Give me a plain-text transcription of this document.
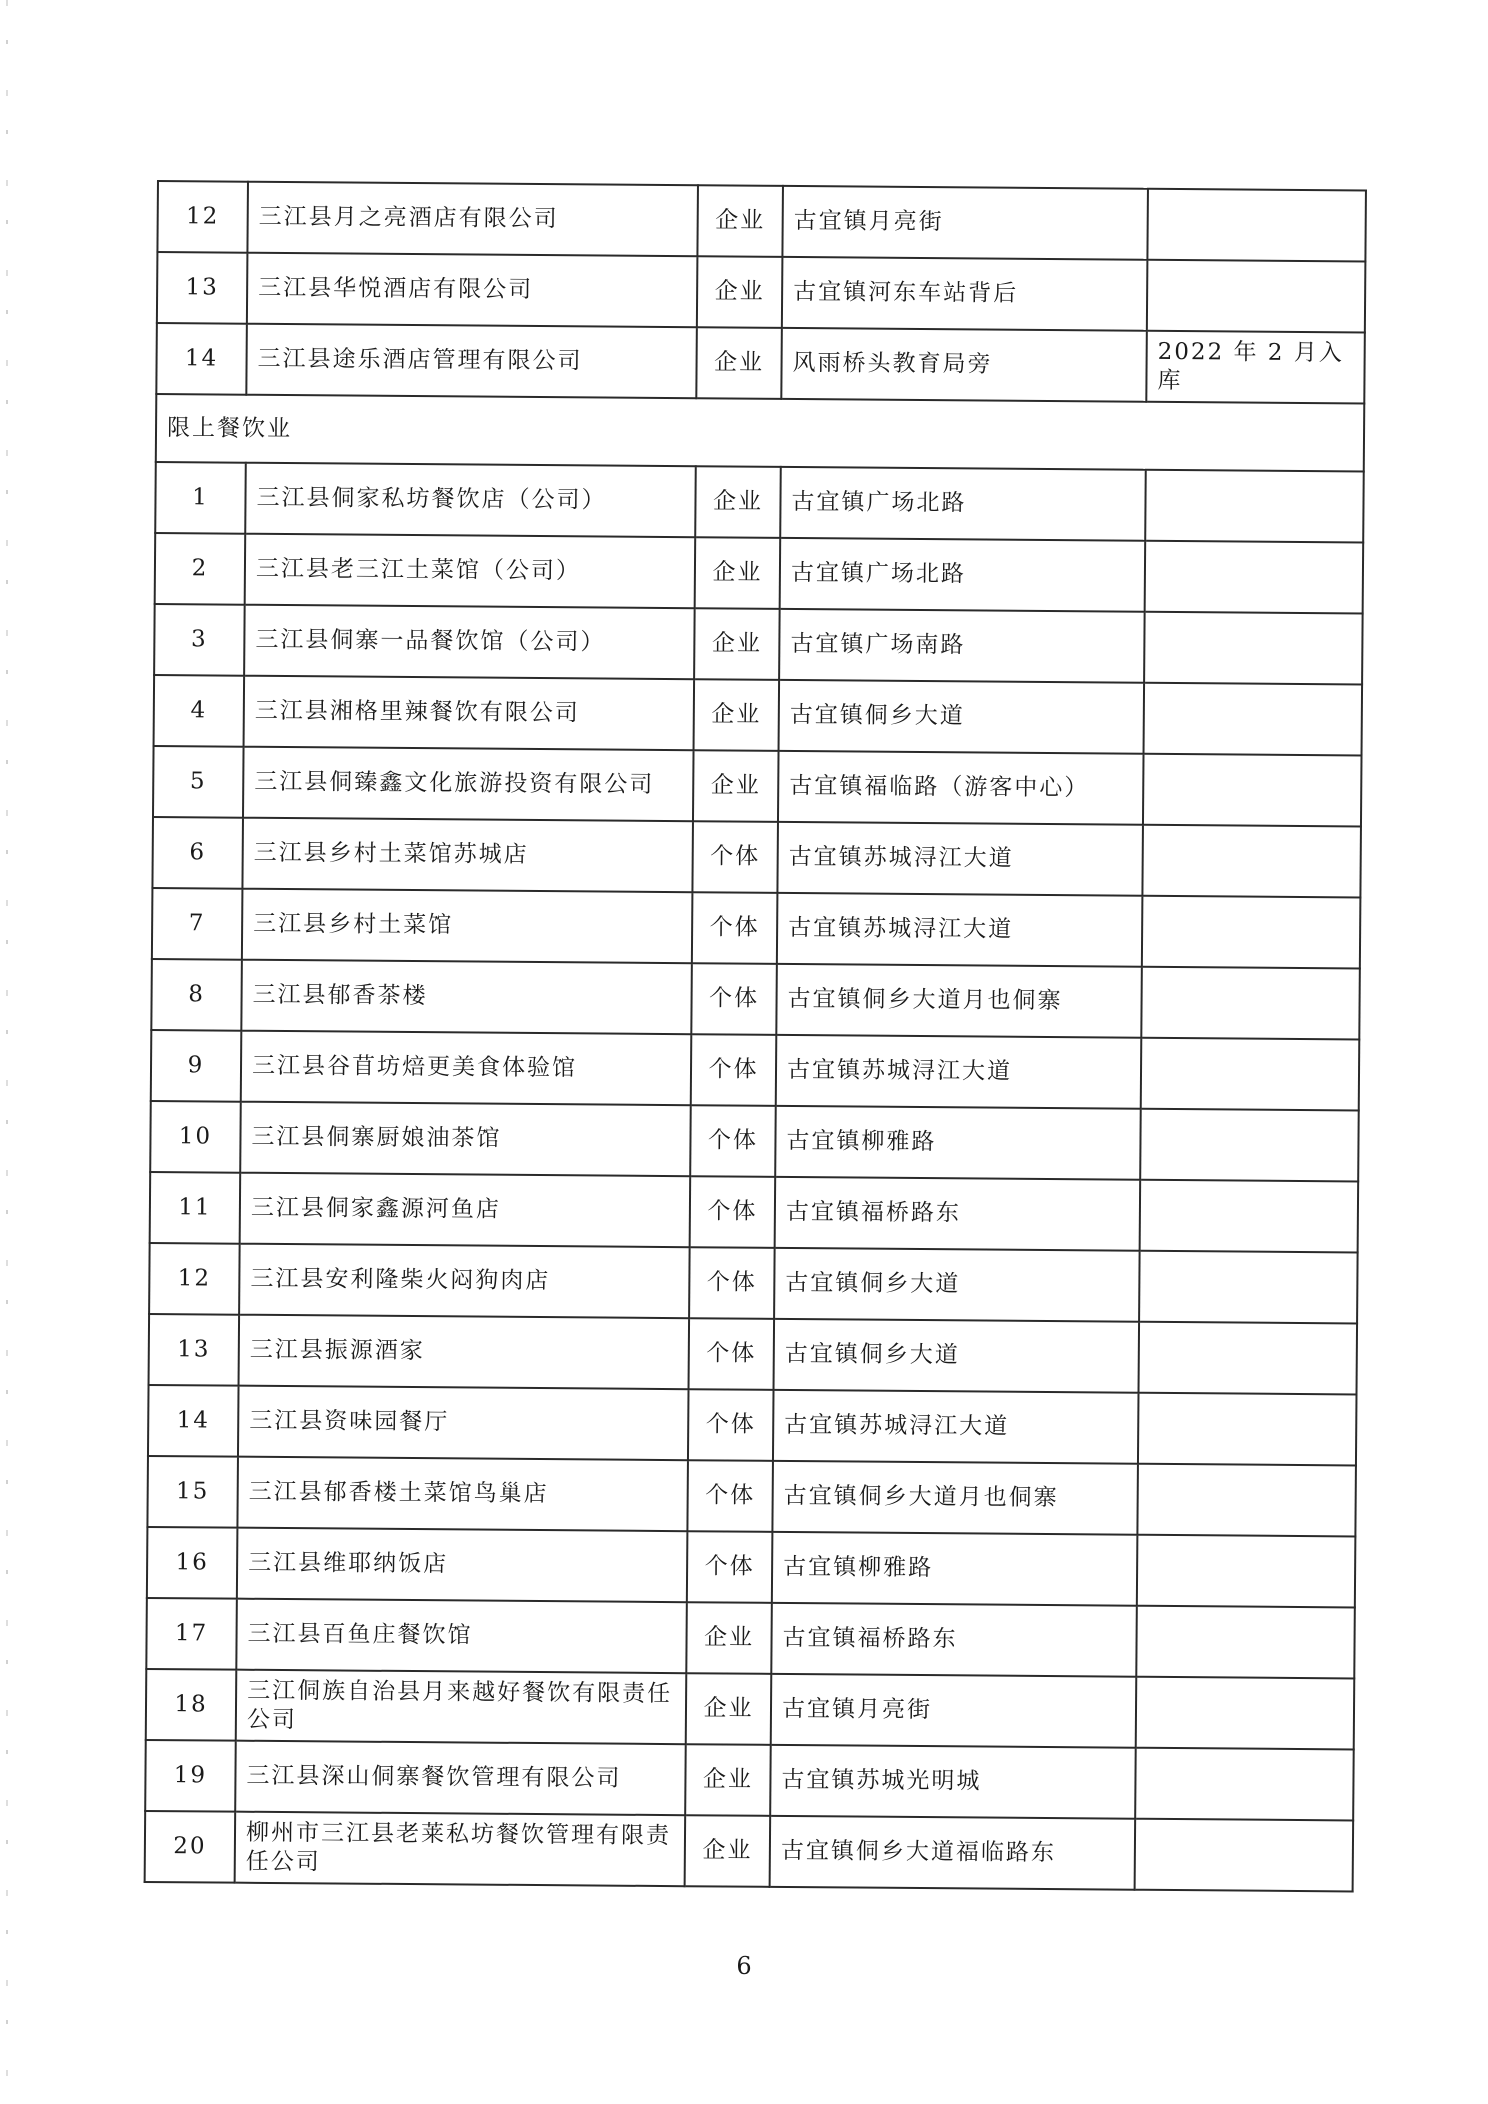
12	三江县月之亮酒店有限公司	企业	古宜镇月亮街	
13	三江县华悦酒店有限公司	企业	古宜镇河东车站背后	
14	三江县途乐酒店管理有限公司	企业	风雨桥头教育局旁	2022 年 2 月入库
限上餐饮业				
1	三江县侗家私坊餐饮店（公司）	企业	古宜镇广场北路	
2	三江县老三江土菜馆（公司）	企业	古宜镇广场北路	
3	三江县侗寨一品餐饮馆（公司）	企业	古宜镇广场南路	
4	三江县湘格里辣餐饮有限公司	企业	古宜镇侗乡大道	
5	三江县侗臻鑫文化旅游投资有限公司	企业	古宜镇福临路（游客中心）	
6	三江县乡村土菜馆苏城店	个体	古宜镇苏城浔江大道	
7	三江县乡村土菜馆	个体	古宜镇苏城浔江大道	
8	三江县郁香茶楼	个体	古宜镇侗乡大道月也侗寨	
9	三江县谷苜坊焙更美食体验馆	个体	古宜镇苏城浔江大道	
10	三江县侗寨厨娘油茶馆	个体	古宜镇柳雅路	
11	三江县侗家鑫源河鱼店	个体	古宜镇福桥路东	
12	三江县安利隆柴火闷狗肉店	个体	古宜镇侗乡大道	
13	三江县振源酒家	个体	古宜镇侗乡大道	
14	三江县资味园餐厅	个体	古宜镇苏城浔江大道	
15	三江县郁香楼土菜馆鸟巢店	个体	古宜镇侗乡大道月也侗寨	
16	三江县维耶纳饭店	个体	古宜镇柳雅路	
17	三江县百鱼庄餐饮馆	企业	古宜镇福桥路东	
18	三江侗族自治县月来越好餐饮有限责任公司	企业	古宜镇月亮街	
19	三江县深山侗寨餐饮管理有限公司	企业	古宜镇苏城光明城	
20	柳州市三江县老莱私坊餐饮管理有限责任公司	企业	古宜镇侗乡大道福临路东	
6
